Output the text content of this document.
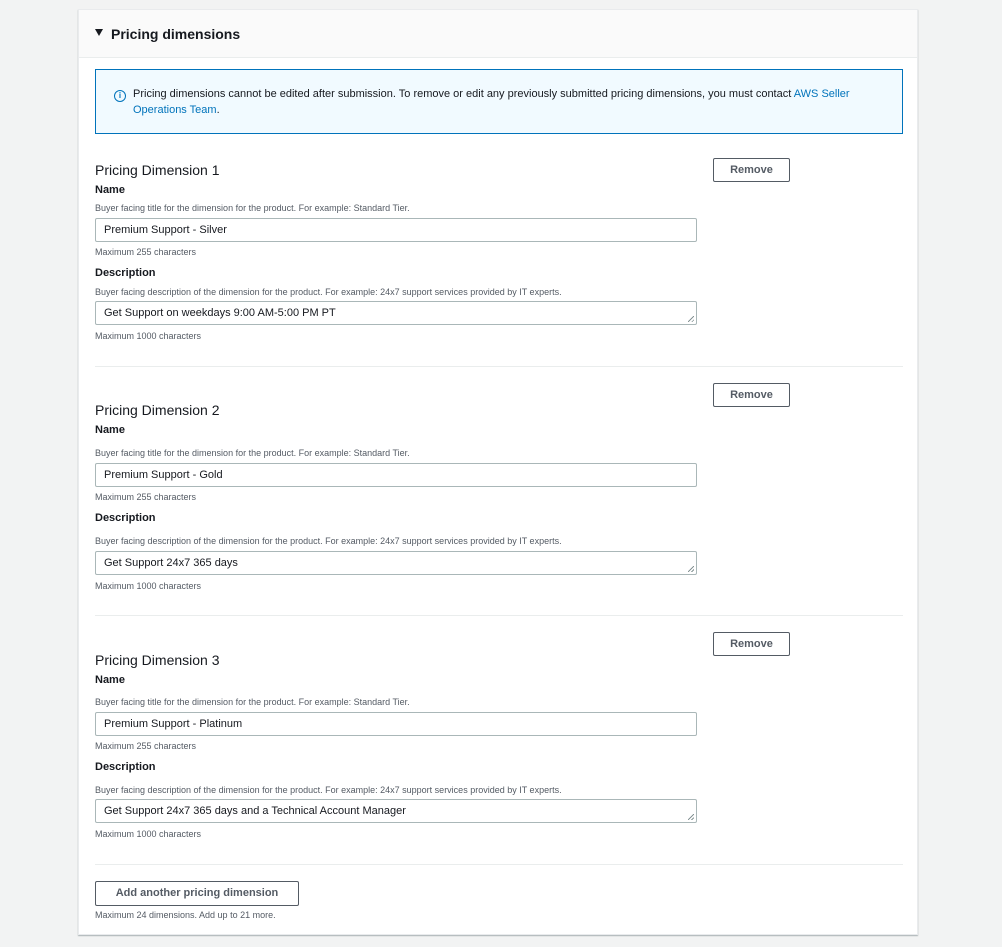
Pricing dimensions
i	Pricing dimensions cannot be edited after submission. To remove or edit any previously submitted pricing dimensions, you must contact AWS Seller Operations Team.
Pricing Dimension 1	Remove
Name
Buyer facing title for the dimension for the product. For example: Standard Tier.
Premium Support - Silver
Maximum 255 characters
Description
Buyer facing description of the dimension for the product. For example: 24x7 support services provided by IT experts.
Get Support on weekdays 9:00 AM-5:00 PM PT
Maximum 1000 characters
Pricing Dimension 2
Remove
Name
Buyer facing title for the dimension for the product. For example: Standard Tier.
Premium Support - Gold
Maximum 255 characters
Description
Buyer facing description of the dimension for the product. For example: 24x7 support services provided by IT experts.
Get Support 24x7 365 days
Maximum 1000 characters
Pricing Dimension 3
Remove
Name
Buyer facing title for the dimension for the product. For example: Standard Tier.
Premium Support - Platinum
Maximum 255 characters
Description
Buyer facing description of the dimension for the product. For example: 24x7 support services provided by IT experts.
Get Support 24x7 365 days and a Technical Account Manager
Maximum 1000 characters
Add another pricing dimension
Maximum 24 dimensions. Add up to 21 more.
